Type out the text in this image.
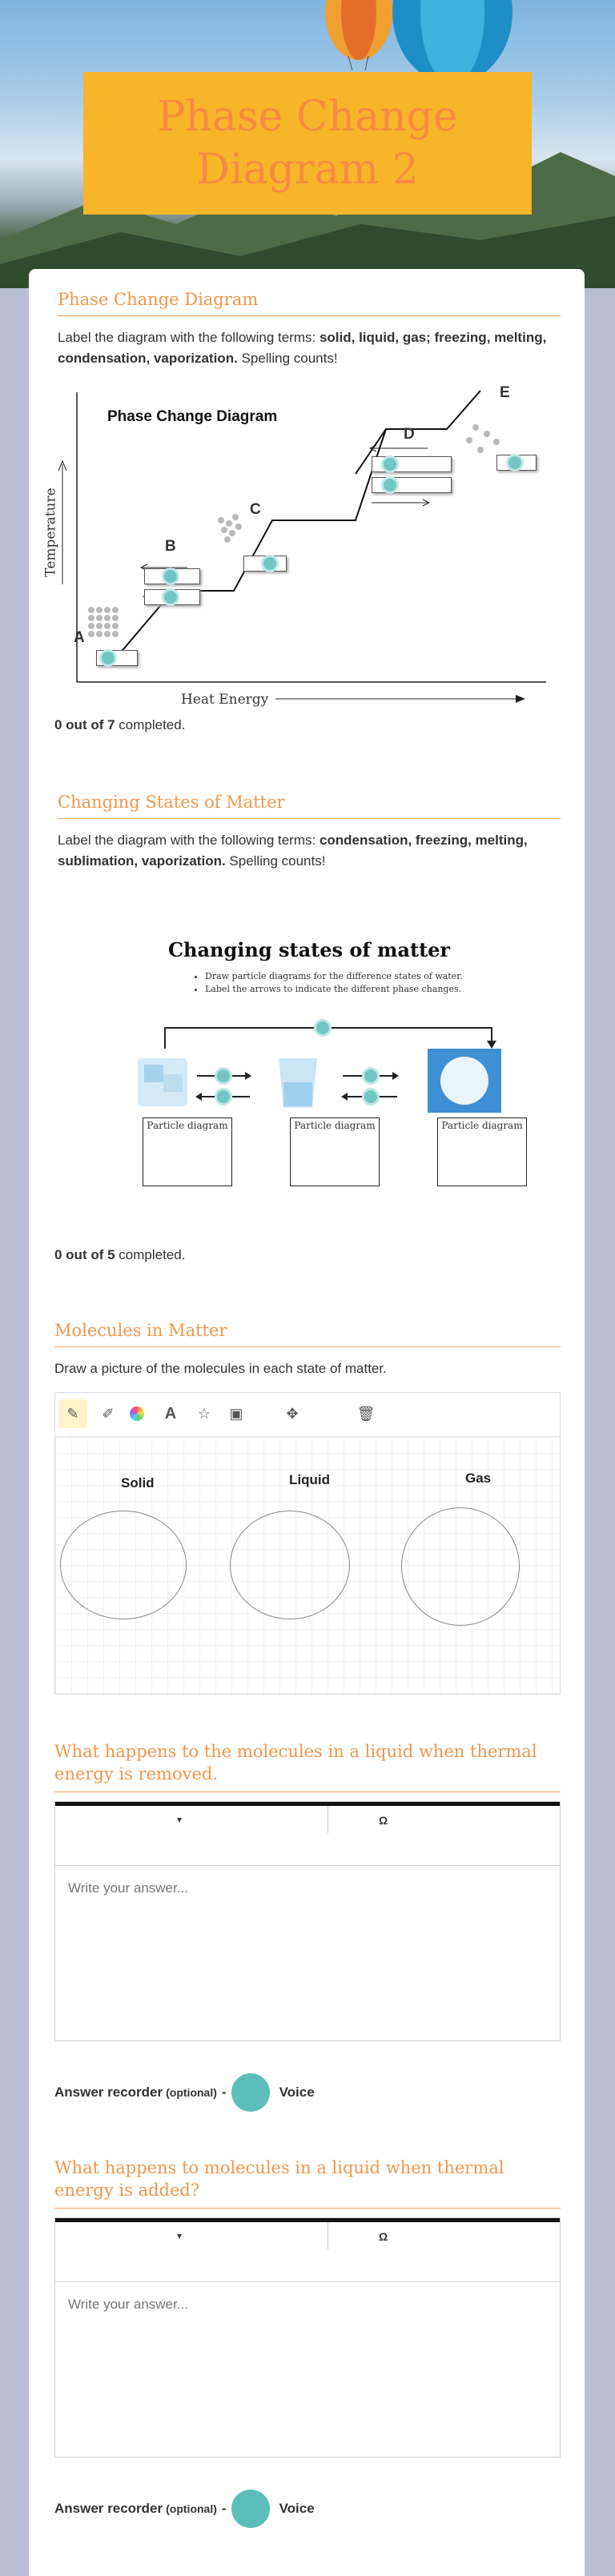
Phase Change Diagram 2
Phase Change Diagram

Label the diagram with the following terms: solid, liquid, gas; freezing, melting, condensation, vaporization. Spelling counts!

Phase Change Diagram
Temperature
Heat Energy
A
B
C
D
E
0 out of 7 completed.
Changing States of Matter

Label the diagram with the following terms: condensation, freezing, melting, sublimation, vaporization. Spelling counts!

Changing states of matter
• Draw particle diagrams for the difference states of water.
• Label the arrows to indicate the different phase changes.
Particle diagram	Particle diagram	Particle diagram
0 out of 5 completed.
Molecules in Matter

Draw a picture of the molecules in each state of matter.

✎	✐	A	☆	▣	✥	🗑
Solid	Liquid	Gas
What happens to the molecules in a liquid when thermal energy is removed.
▾	Ω
Write your answer...
Answer recorder (optional) -	Voice
What happens to molecules in a liquid when thermal energy is added?
▾	Ω
Write your answer...
Answer recorder (optional) -	Voice
